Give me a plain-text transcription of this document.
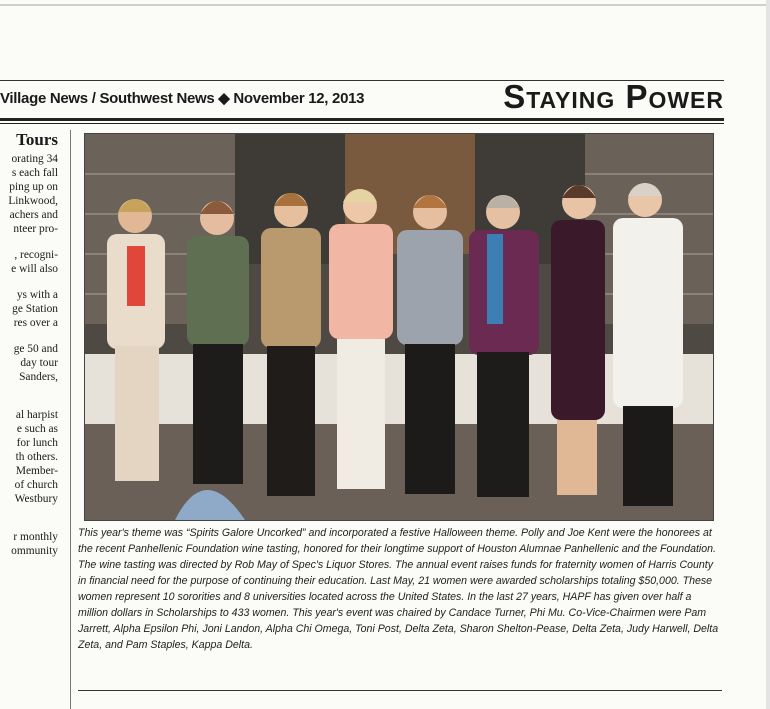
Village News / Southwest News ◆ November 12, 2013	Staying Power
Tours
orating 34
s each fall
ping up on
Linkwood,
achers and
nteer pro-
, recogni-
e will also
ys with a
ge Station
res over a
ge 50 and
day tour
Sanders,
al harpist
e such as
for lunch
th others.
Member-
of church
Westbury
r monthly
ommunity
This year's theme was “Spirits Galore Uncorked” and incorporated a festive Halloween theme. Polly and Joe Kent were the honorees at the recent Panhellenic Foundation wine tasting, honored for their longtime support of Houston Alumnae Panhellenic and the Foundation. The wine tasting was directed by Rob May of Spec's Liquor Stores. The annual event raises funds for fraternity women of Harris County in financial need for the purpose of continuing their education. Last May, 21 women were awarded scholarships totaling $50,000. These women represent 10 sororities and 8 universities located across the United States. In the last 27 years, HAPF has given over half a million dollars in Scholarships to 433 women. This year's event was chaired by Candace Turner, Phi Mu. Co-Vice-Chairmen were Pam Jarrett, Alpha Epsilon Phi, Joni Landon, Alpha Chi Omega, Toni Post, Delta Zeta, Sharon Shelton-Pease, Delta Zeta, Judy Harwell, Delta Zeta, and Pam Staples, Kappa Delta.
